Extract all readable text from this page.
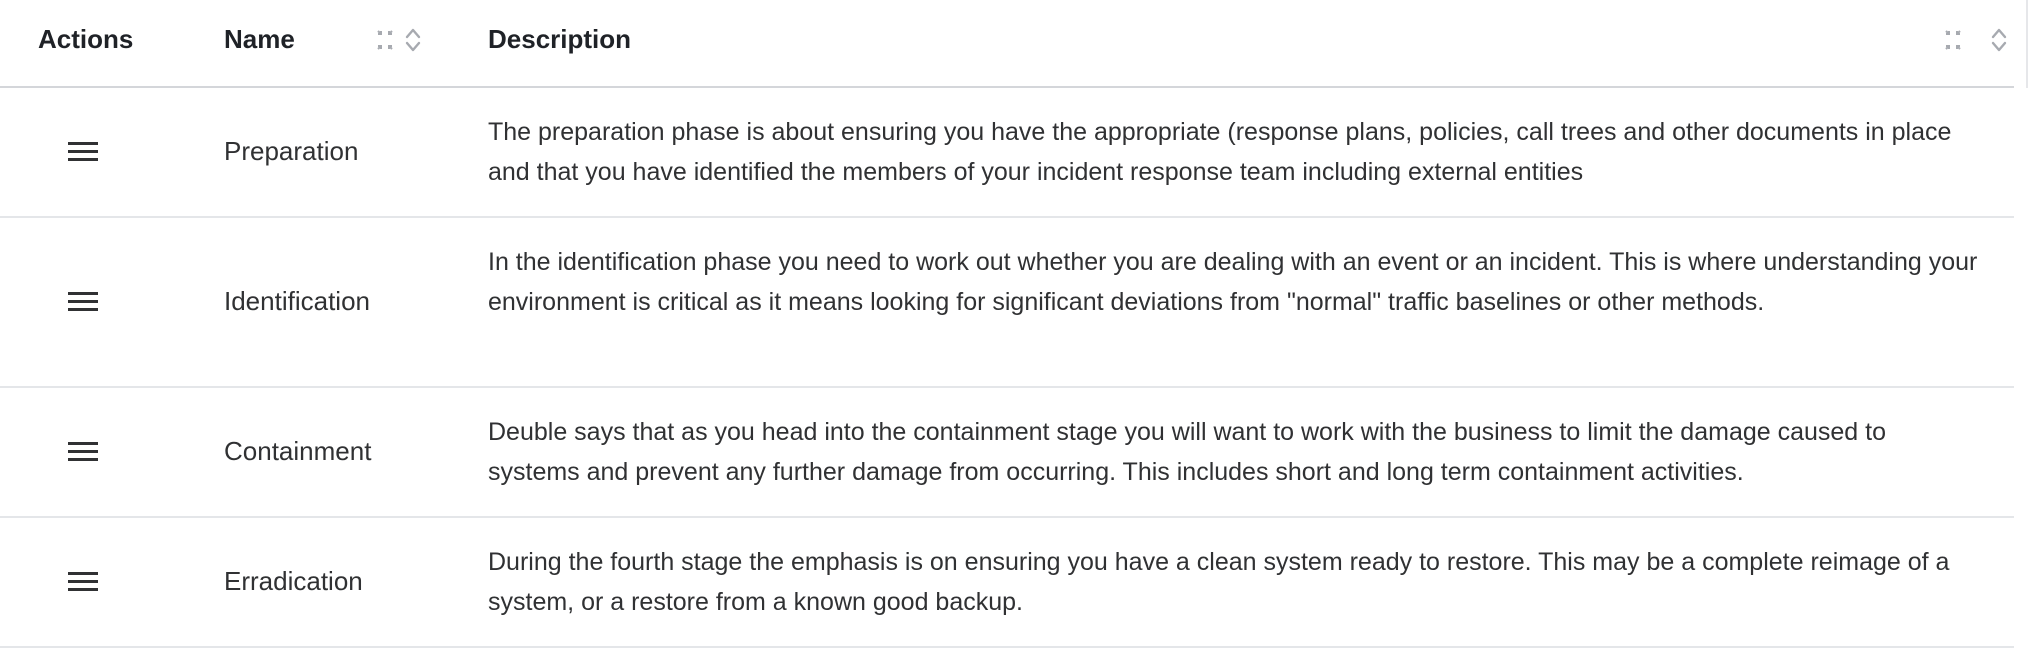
Actions	Name	Description
Preparation
The preparation phase is about ensuring you have the appropriate (response plans, policies, call trees and other documents in place and that you have identified the members of your incident response team including external entities
Identification
In the identification phase you need to work out whether you are dealing with an event or an incident. This is where understanding your environment is critical as it means looking for significant deviations from "normal" traffic baselines or other methods.
Containment
Deuble says that as you head into the containment stage you will want to work with the business to limit the damage caused to systems and prevent any further damage from occurring. This includes short and long term containment activities.
Erradication
During the fourth stage the emphasis is on ensuring you have a clean system ready to restore. This may be a complete reimage of a system, or a restore from a known good backup.
